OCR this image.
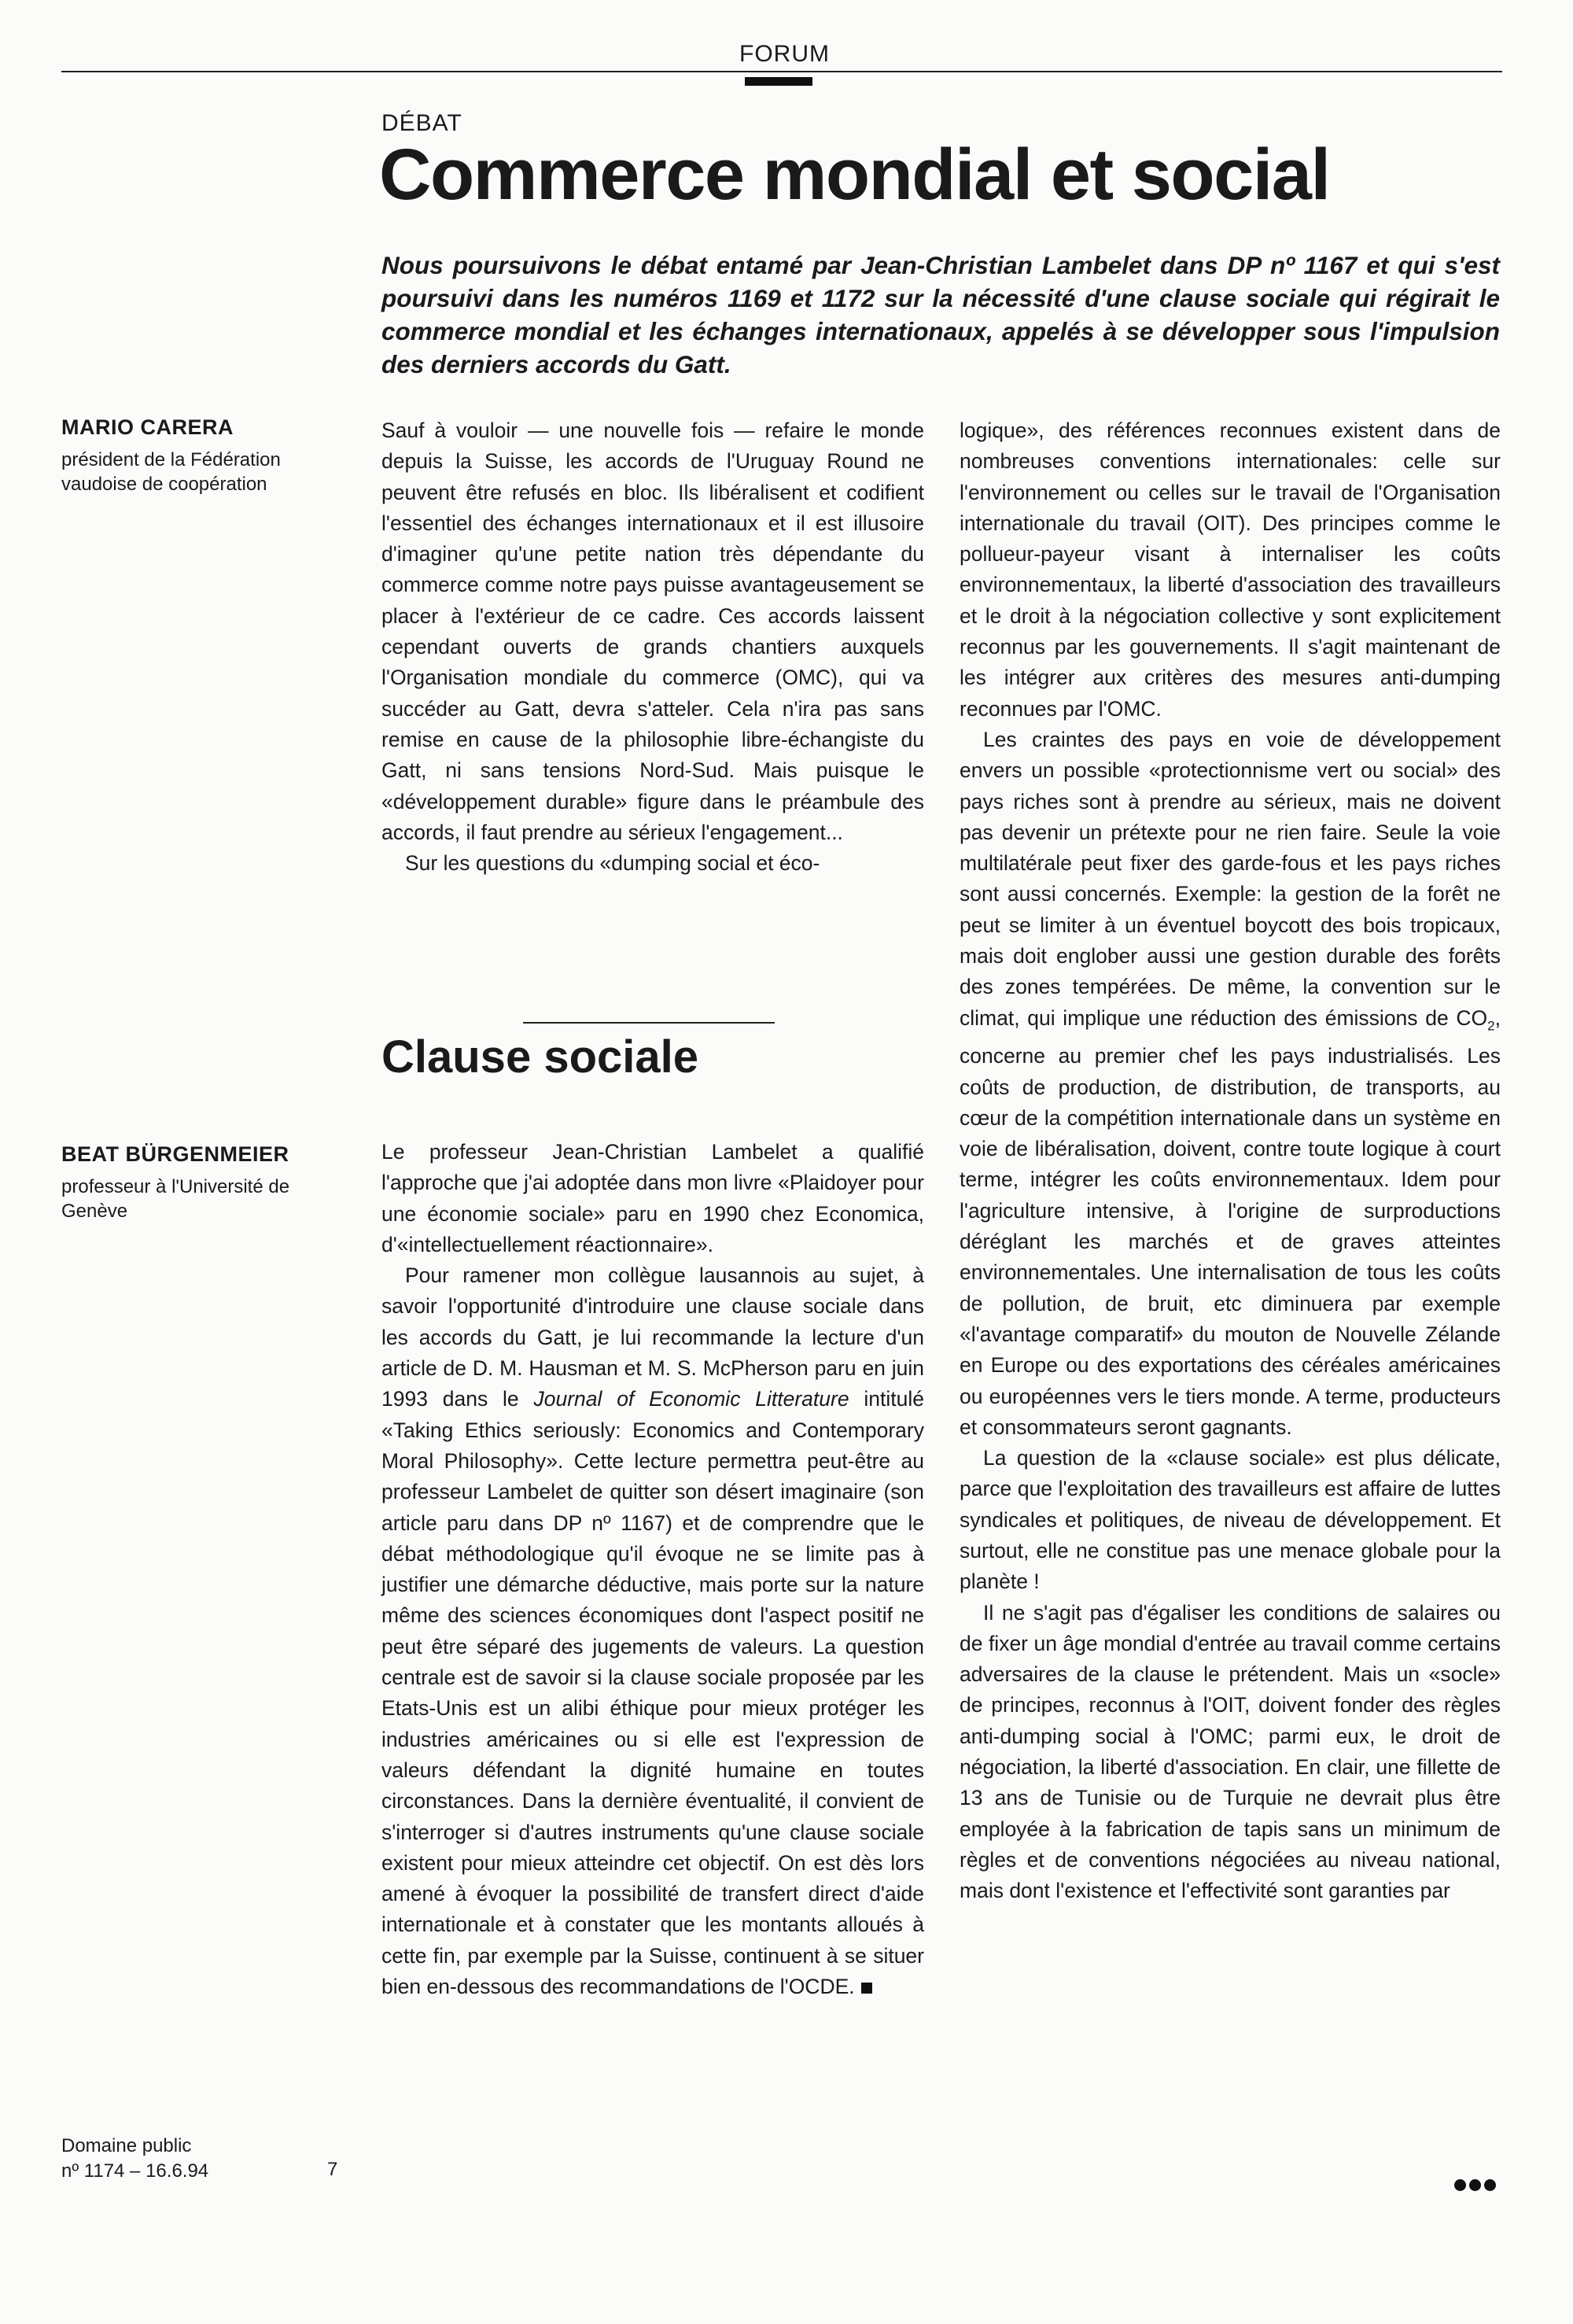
FORUM
DÉBAT
Commerce mondial et social
Nous poursuivons le débat entamé par Jean-Christian Lambelet dans DP nº 1167 et qui s'est poursuivi dans les numéros 1169 et 1172 sur la nécessité d'une clause sociale qui régirait le commerce mondial et les échanges internationaux, appelés à se développer sous l'impulsion des derniers accords du Gatt.
MARIO CARERA
président de la Fédération vaudoise de coopération

Sauf à vouloir — une nouvelle fois — refaire le monde depuis la Suisse, les accords de l'Uruguay Round ne peuvent être refusés en bloc. Ils libéralisent et codifient l'essentiel des échanges internationaux et il est illusoire d'imaginer qu'une petite nation très dépendante du commerce comme notre pays puisse avantageusement se placer à l'extérieur de ce cadre. Ces accords laissent cependant ouverts de grands chantiers auxquels l'Organisation mondiale du commerce (OMC), qui va succéder au Gatt, devra s'atteler. Cela n'ira pas sans remise en cause de la philosophie libre-échangiste du Gatt, ni sans tensions Nord-Sud. Mais puisque le «développement durable» figure dans le préambule des accords, il faut prendre au sérieux l'engagement...

Sur les questions du «dumping social et éco-

Clause sociale
BEAT BÜRGENMEIER
professeur à l'Université de Genève

Le professeur Jean-Christian Lambelet a qualifié l'approche que j'ai adoptée dans mon livre «Plaidoyer pour une économie sociale» paru en 1990 chez Economica, d'«intellectuellement réactionnaire».

Pour ramener mon collègue lausannois au sujet, à savoir l'opportunité d'introduire une clause sociale dans les accords du Gatt, je lui recommande la lecture d'un article de D. M. Hausman et M. S. McPherson paru en juin 1993 dans le Journal of Economic Litterature intitulé «Taking Ethics seriously: Economics and Contemporary Moral Philosophy». Cette lecture permettra peut-être au professeur Lambelet de quitter son désert imaginaire (son article paru dans DP nº 1167) et de comprendre que le débat méthodologique qu'il évoque ne se limite pas à justifier une démarche déductive, mais porte sur la nature même des sciences économiques dont l'aspect positif ne peut être séparé des jugements de valeurs. La question centrale est de savoir si la clause sociale proposée par les Etats-Unis est un alibi éthique pour mieux protéger les industries américaines ou si elle est l'expression de valeurs défendant la dignité humaine en toutes circonstances. Dans la dernière éventualité, il convient de s'interroger si d'autres instruments qu'une clause sociale existent pour mieux atteindre cet objectif. On est dès lors amené à évoquer la possibilité de transfert direct d'aide internationale et à constater que les montants alloués à cette fin, par exemple par la Suisse, continuent à se situer bien en-dessous des recommandations de l'OCDE.

logique», des références reconnues existent dans de nombreuses conventions internationales: celle sur l'environnement ou celles sur le travail de l'Organisation internationale du travail (OIT). Des principes comme le pollueur-payeur visant à internaliser les coûts environnementaux, la liberté d'association des travailleurs et le droit à la négociation collective y sont explicitement reconnus par les gouvernements. Il s'agit maintenant de les intégrer aux critères des mesures anti-dumping reconnues par l'OMC.

Les craintes des pays en voie de développement envers un possible «protectionnisme vert ou social» des pays riches sont à prendre au sérieux, mais ne doivent pas devenir un prétexte pour ne rien faire. Seule la voie multilatérale peut fixer des garde-fous et les pays riches sont aussi concernés. Exemple: la gestion de la forêt ne peut se limiter à un éventuel boycott des bois tropicaux, mais doit englober aussi une gestion durable des forêts des zones tempérées. De même, la convention sur le climat, qui implique une réduction des émissions de $CO_2$, concerne au premier chef les pays industrialisés. Les coûts de production, de distribution, de transports, au cœur de la compétition internationale dans un système en voie de libéralisation, doivent, contre toute logique à court terme, intégrer les coûts environnementaux. Idem pour l'agriculture intensive, à l'origine de surproductions déréglant les marchés et de graves atteintes environnementales. Une internalisation de tous les coûts de pollution, de bruit, etc diminuera par exemple «l'avantage comparatif» du mouton de Nouvelle Zélande en Europe ou des exportations des céréales américaines ou européennes vers le tiers monde. A terme, producteurs et consommateurs seront gagnants.

La question de la «clause sociale» est plus délicate, parce que l'exploitation des travailleurs est affaire de luttes syndicales et politiques, de niveau de développement. Et surtout, elle ne constitue pas une menace globale pour la planète !

Il ne s'agit pas d'égaliser les conditions de salaires ou de fixer un âge mondial d'entrée au travail comme certains adversaires de la clause le prétendent. Mais un «socle» de principes, reconnus à l'OIT, doivent fonder des règles anti-dumping social à l'OMC; parmi eux, le droit de négociation, la liberté d'association. En clair, une fillette de 13 ans de Tunisie ou de Turquie ne devrait plus être employée à la fabrication de tapis sans un minimum de règles et de conventions négociées au niveau national, mais dont l'existence et l'effectivité sont garanties par

Domaine public
nº 1174 – 16.6.94	7
